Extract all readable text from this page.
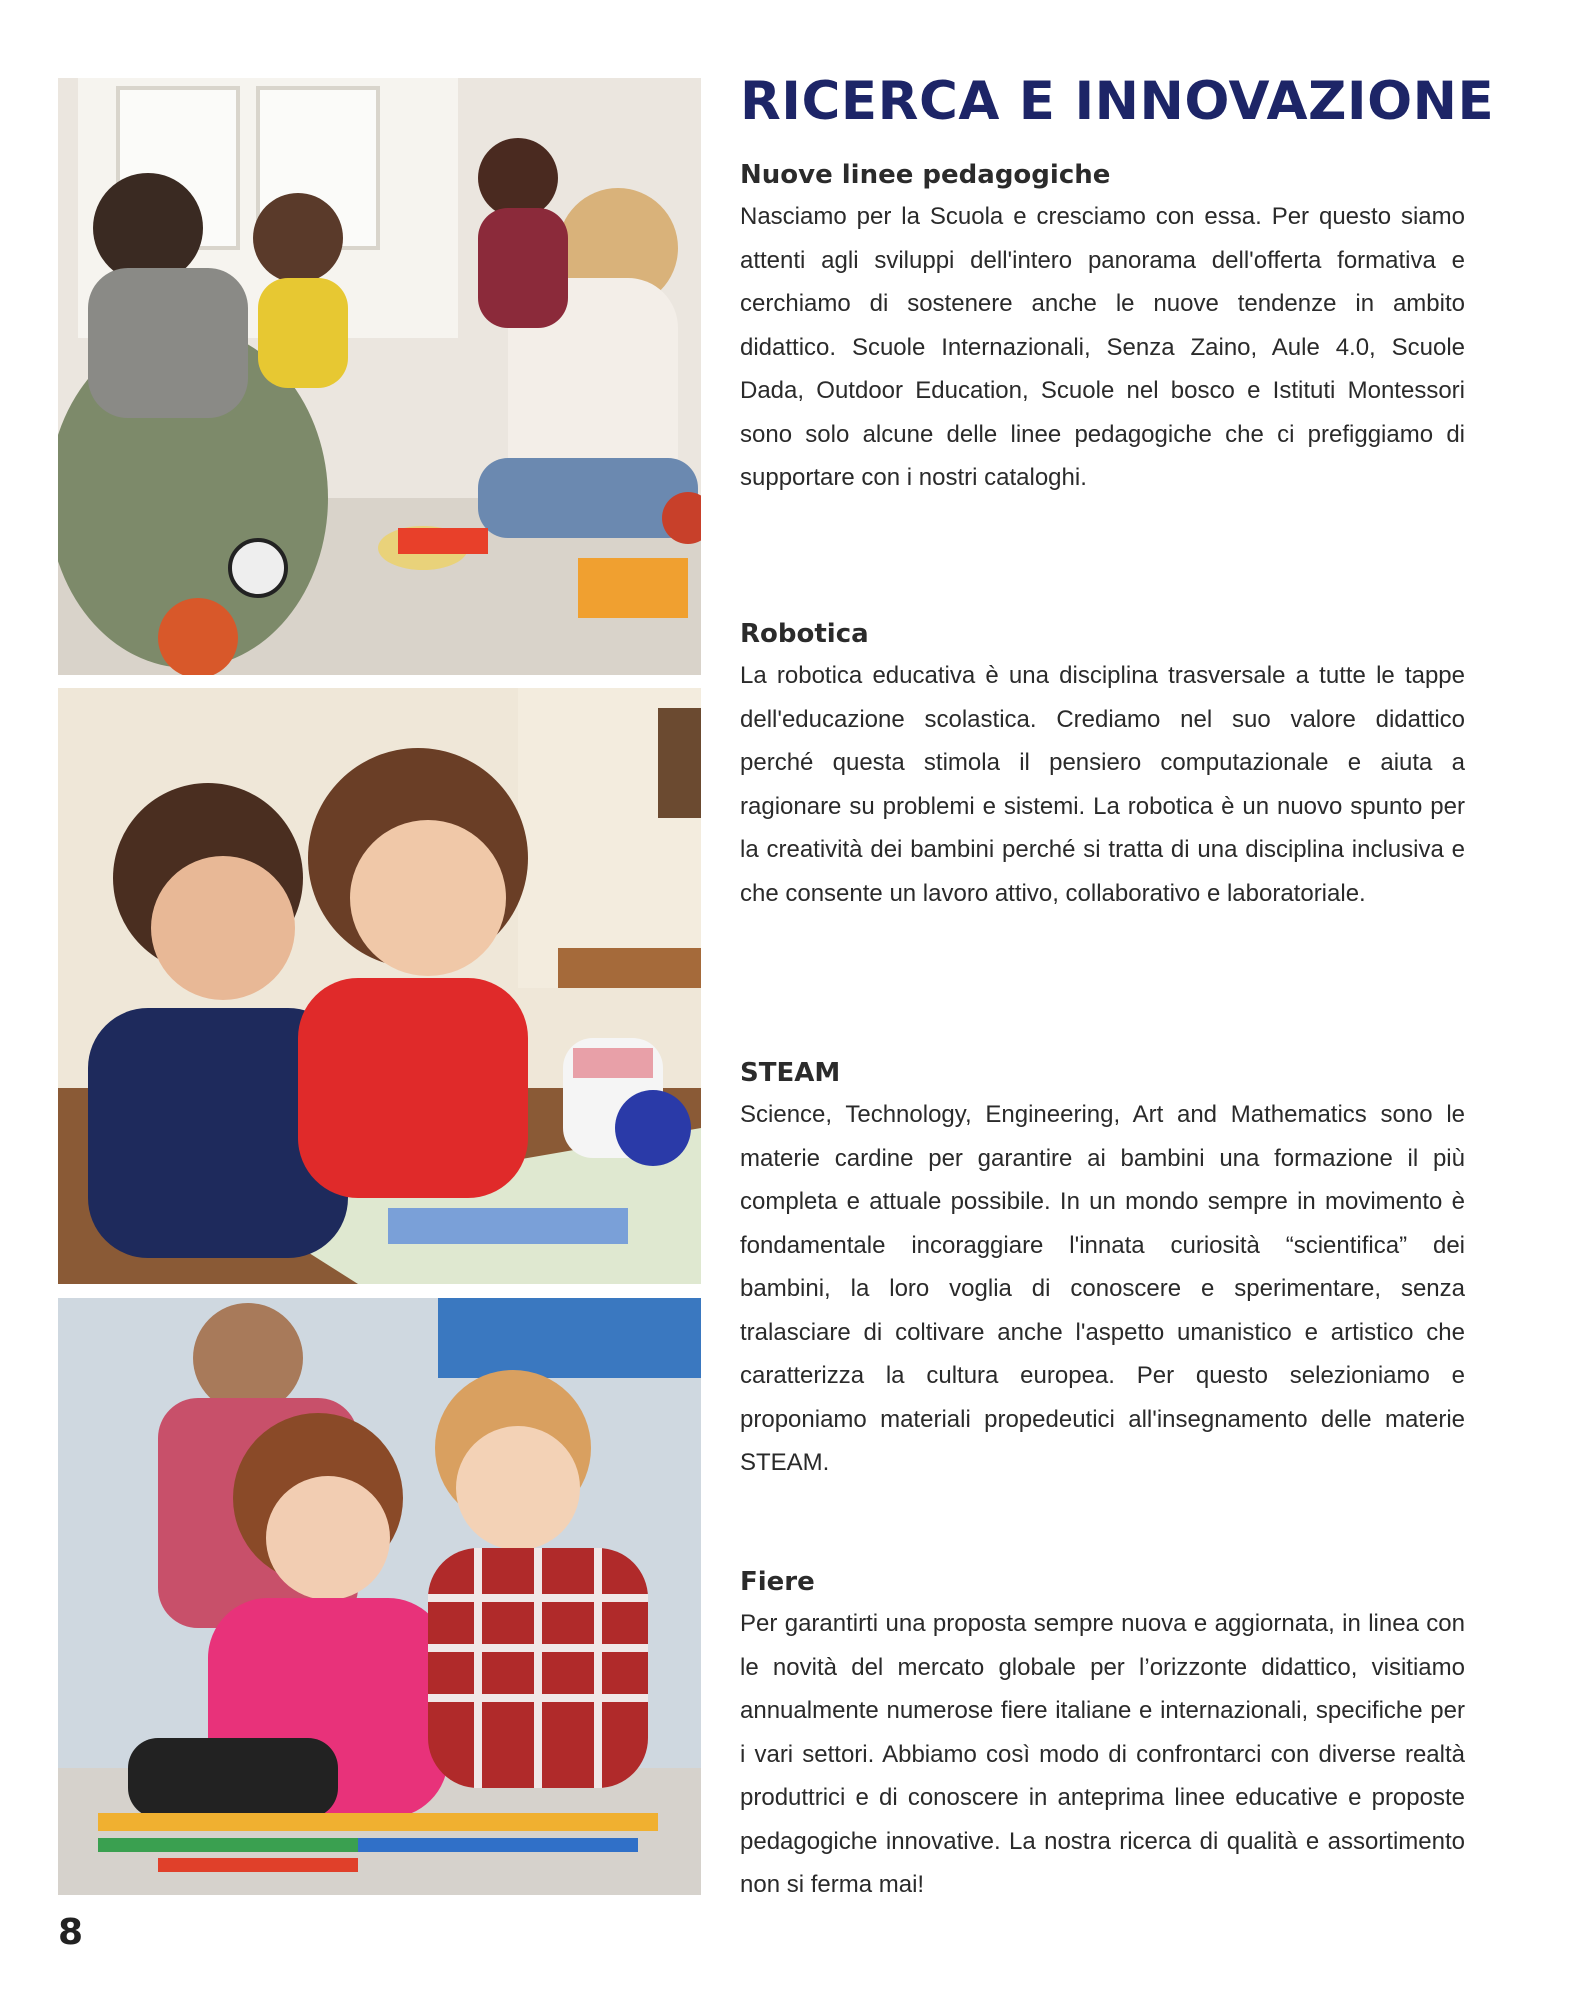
RICERCA E INNOVAZIONE
Nuove linee pedagogiche

Nasciamo per la Scuola e cresciamo con essa. Per questo siamo attenti agli sviluppi dell'intero panorama dell'offerta formativa e cerchiamo di sostenere anche le nuove tendenze in ambito didattico. Scuole Internazionali, Senza Zaino, Aule 4.0, Scuole Dada, Outdoor Education, Scuole nel bosco e Istituti Montessori sono solo alcune delle linee pedagogiche che ci prefiggiamo di supportare con i nostri cataloghi.

Robotica

La robotica educativa è una disciplina trasversale a tutte le tappe dell'educazione scolastica. Crediamo nel suo valore didattico perché questa stimola il pensiero computazionale e aiuta a ragionare su problemi e sistemi. La robotica è un nuovo spunto per la creatività dei bambini perché si tratta di una disciplina inclusiva e che consente un lavoro attivo, collaborativo e laboratoriale.

STEAM

Science, Technology, Engineering, Art and Mathematics sono le materie cardine per garantire ai bambini una formazione il più completa e attuale possibile. In un mondo sempre in movimento è fondamentale incoraggiare l'innata curiosità “scientifica” dei bambini, la loro voglia di conoscere e sperimentare, senza tralasciare di coltivare anche l'aspetto umanistico e artistico che caratterizza la cultura europea. Per questo selezioniamo e proponiamo materiali propedeutici all'insegnamento delle materie STEAM.

Fiere

Per garantirti una proposta sempre nuova e aggiornata, in linea con le novità del mercato globale per l’orizzonte didattico, visitiamo annualmente numerose fiere italiane e internazionali, specifiche per i vari settori. Abbiamo così modo di confrontarci con diverse realtà produttrici e di conoscere in anteprima linee educative e proposte pedagogiche innovative. La nostra ricerca di qualità e assortimento non si ferma mai!

8
